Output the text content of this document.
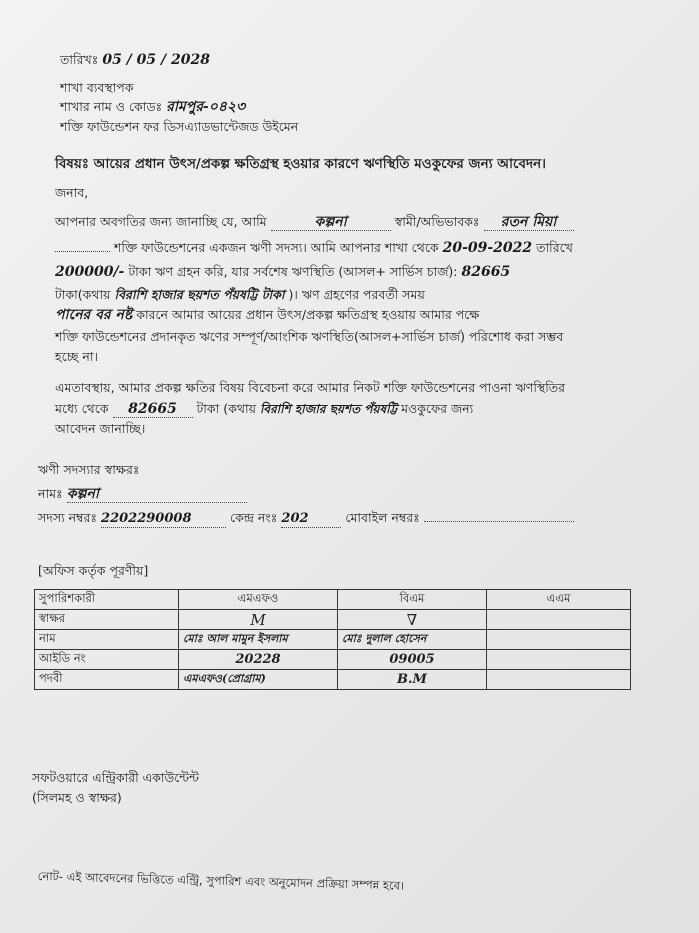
তারিখঃ 05 / 05 / 2028
শাখা ব্যবস্থাপক
শাখার নাম ও কোডঃ রামপুর-০৪২৩
শক্তি ফাউন্ডেশন ফর ডিসএ্যাডভান্টেজড উইমেন
বিষয়ঃ আয়ের প্রধান উৎস/প্রকল্প ক্ষতিগ্রস্থ হওয়ার কারণে ঋণস্থিতি মওকুফের জন্য আবেদন।
জনাব,
আপনার অবগতির জন্য জানাচ্ছি যে, আমি	কল্পনা	স্বামী/অভিভাবকঃ রতন মিয়া
শক্তি ফাউন্ডেশনের একজন ঋণী সদস্য। আমি আপনার শাখা থেকে 20-09-2022 তারিখে
200000/- টাকা ঋণ গ্রহন করি, যার সর্বশেষ ঋণস্থিতি (আসল+ সার্ভিস চার্জ): 82665
টাকা(কথায় বিরাশি হাজার ছয়শত পঁয়ষট্টি টাকা )। ঋণ গ্রহণের পরবর্তী সময়
পানের বর নষ্ট কারনে আমার আয়ের প্রধান উৎস/প্রকল্প ক্ষতিগ্রস্থ হওয়ায় আমার পক্ষে
শক্তি ফাউন্ডেশনের প্রদানকৃত ঋণের সম্পূর্ণ/আংশিক ঋণস্থিতি(আসল+সার্ভিস চার্জ) পরিশোধ করা সম্ভব
হচ্ছে না।
এমতাবস্থায়, আমার প্রকল্প ক্ষতির বিষয় বিবেচনা করে আমার নিকট শক্তি ফাউন্ডেশনের পাওনা ঋণস্থিতির
মধ্যে থেকে 82665 টাকা (কথায় বিরাশি হাজার ছয়শত পঁয়ষট্টি মওকুফের জন্য
আবেদন জানাচ্ছি।
ঋণী সদস্যার স্বাক্ষরঃ
নামঃ কল্পনা
সদস্য নম্বরঃ 2202290008	কেন্দ্র নংঃ 202	মোবাইল নম্বরঃ
[অফিস কর্তৃক পূরণীয়]
সুপারিশকারী	এমএফও	বিএম	এএম
স্বাক্ষর	M	∇	
নাম	মোঃ আল মামুন ইসলাম	মোঃ দুলাল হোসেন	
আইডি নং	20228	09005	
পদবী	এমএফও(প্রোগ্রাম)	B.M	
সফটওয়ারে এন্ট্রিকারী একাউন্টেন্ট
(সিলমহ ও স্বাক্ষর)
নোট- এই আবেদনের ভিত্তিতে এন্ট্রি, সুপারিশ এবং অনুমোদন প্রক্রিয়া সম্পন্ন হবে।
